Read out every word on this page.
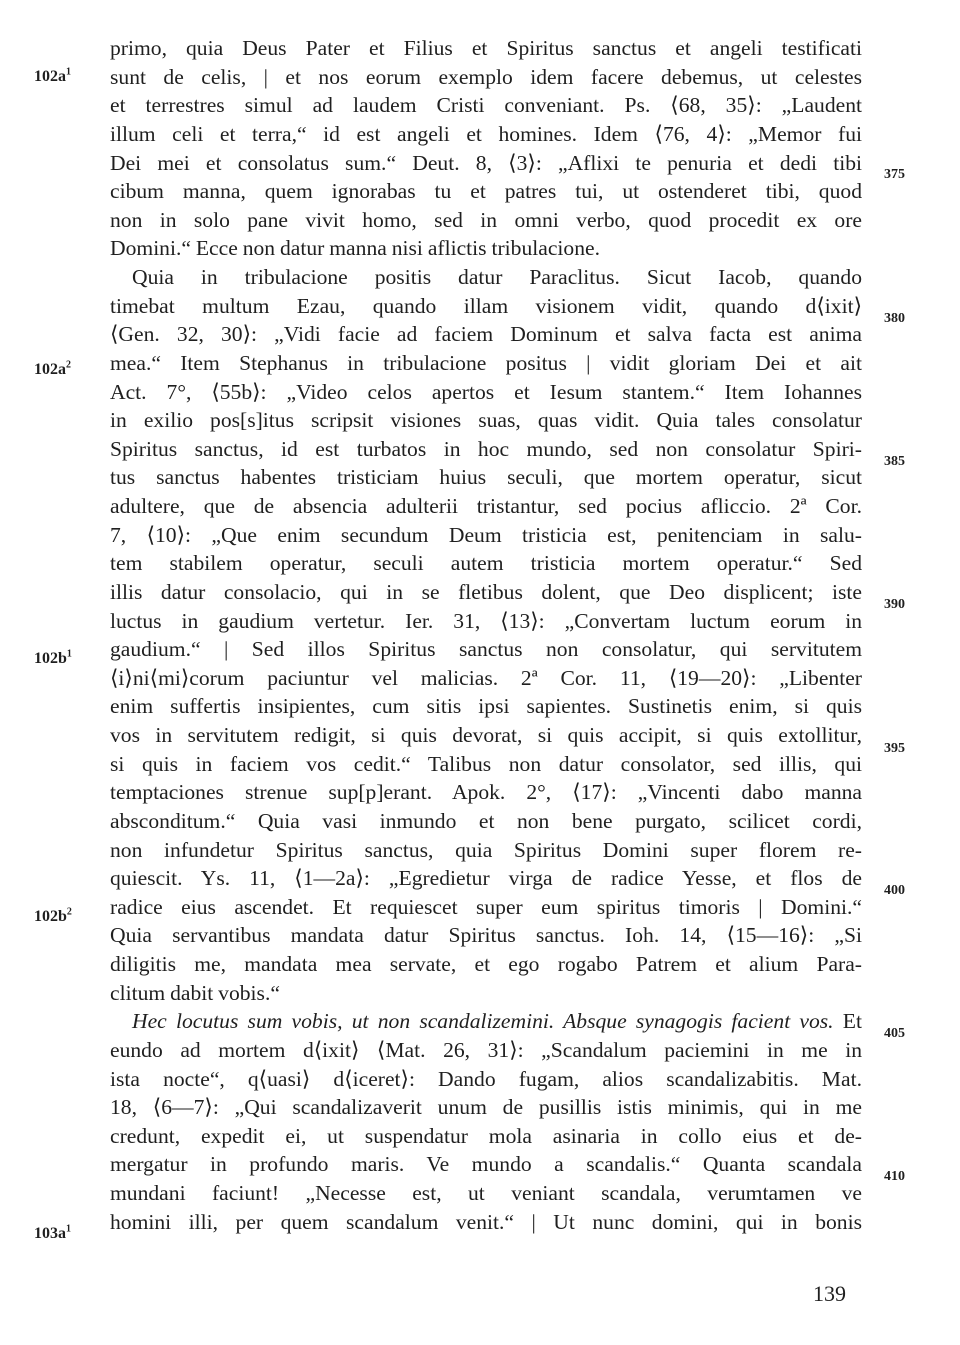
primo, quia Deus Pater et Filius et Spiritus sanctus et angeli testificati
sunt de celis, | et nos eorum exemplo idem facere debemus, ut celestes
et terrestres simul ad laudem Cristi conveniant. Ps. ⟨68, 35⟩: „Laudent
illum celi et terra,“ id est angeli et homines. Idem ⟨76, 4⟩: „Memor fui
Dei mei et consolatus sum.“ Deut. 8, ⟨3⟩: „Aflixi te penuria et dedi tibi
cibum manna, quem ignorabas tu et patres tui, ut ostenderet tibi, quod
non in solo pane vivit homo, sed in omni verbo, quod procedit ex ore
Domini.“ Ecce non datur manna nisi aflictis tribulacione.
Quia in tribulacione positis datur Paraclitus. Sicut Iacob, quando
timebat multum Ezau, quando illam visionem vidit, quando d⟨ixit⟩
⟨Gen. 32, 30⟩: „Vidi facie ad faciem Dominum et salva facta est anima
mea.“ Item Stephanus in tribulacione positus | vidit gloriam Dei et ait
Act. 7°, ⟨55b⟩: „Video celos apertos et Iesum stantem.“ Item Iohannes
in exilio pos[s]itus scripsit visiones suas, quas vidit. Quia tales consolatur
Spiritus sanctus, id est turbatos in hoc mundo, sed non consolatur Spiri-
tus sanctus habentes tristiciam huius seculi, que mortem operatur, sicut
adultere, que de absencia adulterii tristantur, sed pocius afliccio. 2ª Cor.
7, ⟨10⟩: „Que enim secundum Deum tristicia est, penitenciam in salu-
tem stabilem operatur, seculi autem tristicia mortem operatur.“ Sed
illis datur consolacio, qui in se fletibus dolent, que Deo displicent; iste
luctus in gaudium vertetur. Ier. 31, ⟨13⟩: „Convertam luctum eorum in
gaudium.“ | Sed illos Spiritus sanctus non consolatur, qui servitutem
⟨i⟩ni⟨mi⟩corum paciuntur vel malicias. 2ª Cor. 11, ⟨19—20⟩: „Libenter
enim suffertis insipientes, cum sitis ipsi sapientes. Sustinetis enim, si quis
vos in servitutem redigit, si quis devorat, si quis accipit, si quis extollitur,
si quis in faciem vos cedit.“ Talibus non datur consolator, sed illis, qui
temptaciones strenue sup[p]erant. Apok. 2°, ⟨17⟩: „Vincenti dabo manna
absconditum.“ Quia vasi inmundo et non bene purgato, scilicet cordi,
non infundetur Spiritus sanctus, quia Spiritus Domini super florem re-
quiescit. Ys. 11, ⟨1—2a⟩: „Egredietur virga de radice Yesse, et flos de
radice eius ascendet. Et requiescet super eum spiritus timoris | Domini.“
Quia servantibus mandata datur Spiritus sanctus. Ioh. 14, ⟨15—16⟩: „Si
diligitis me, mandata mea servate, et ego rogabo Patrem et alium Para-
clitum dabit vobis.“
Hec locutus sum vobis, ut non scandalizemini. Absque synagogis facient vos. Et
eundo ad mortem d⟨ixit⟩ ⟨Mat. 26, 31⟩: „Scandalum paciemini in me in
ista nocte“, q⟨uasi⟩ d⟨iceret⟩: Dando fugam, alios scandalizabitis. Mat.
18, ⟨6—7⟩: „Qui scandalizaverit unum de pusillis istis minimis, qui in me
credunt, expedit ei, ut suspendatur mola asinaria in collo eius et de-
mergatur in profundo maris. Ve mundo a scandalis.“ Quanta scandala
mundani faciunt! „Necesse est, ut veniant scandala, verumtamen ve
homini illi, per quem scandalum venit.“ | Ut nunc domini, qui in bonis
$102a^1$
$102a^2$
$102b^1$
$102b^2$
$103a^1$
375
380
385
390
395
400
405
410
139
